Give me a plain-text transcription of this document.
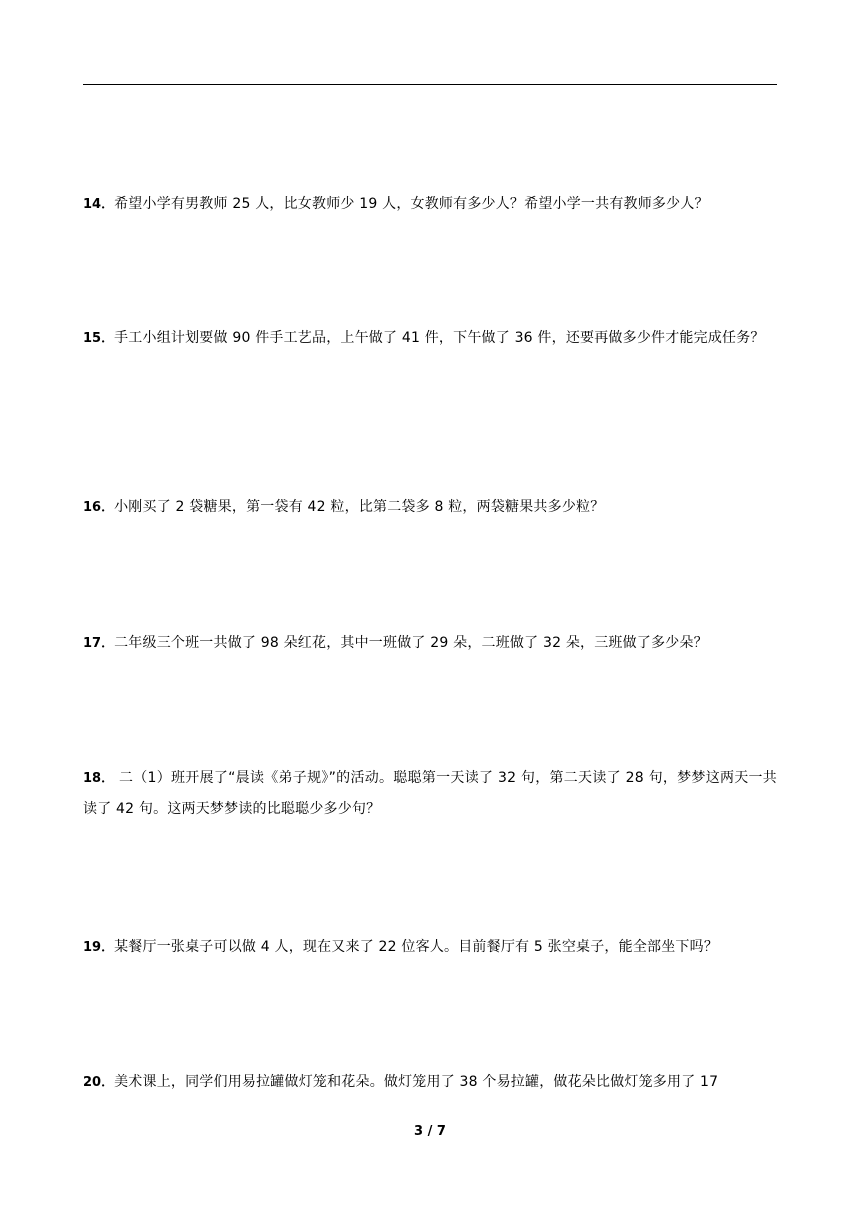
14．希望小学有男教师 25 人，比女教师少 19 人，女教师有多少人？希望小学一共有教师多少人？
15．手工小组计划要做 90 件手工艺品，上午做了 41 件，下午做了 36 件，还要再做多少件才能完成任务？
16．小刚买了 2 袋糖果，第一袋有 42 粒，比第二袋多 8 粒，两袋糖果共多少粒？
17．二年级三个班一共做了 98 朵红花，其中一班做了 29 朵，二班做了 32 朵，三班做了多少朵？
18． 二（1）班开展了“晨读《弟子规》”的活动。聪聪第一天读了 32 句，第二天读了 28 句，梦梦这两天一共读了 42 句。这两天梦梦读的比聪聪少多少句？
19．某餐厅一张桌子可以做 4 人，现在又来了 22 位客人。目前餐厅有 5 张空桌子，能全部坐下吗？
20．美术课上，同学们用易拉罐做灯笼和花朵。做灯笼用了 38 个易拉罐，做花朵比做灯笼多用了 17
3 / 7
